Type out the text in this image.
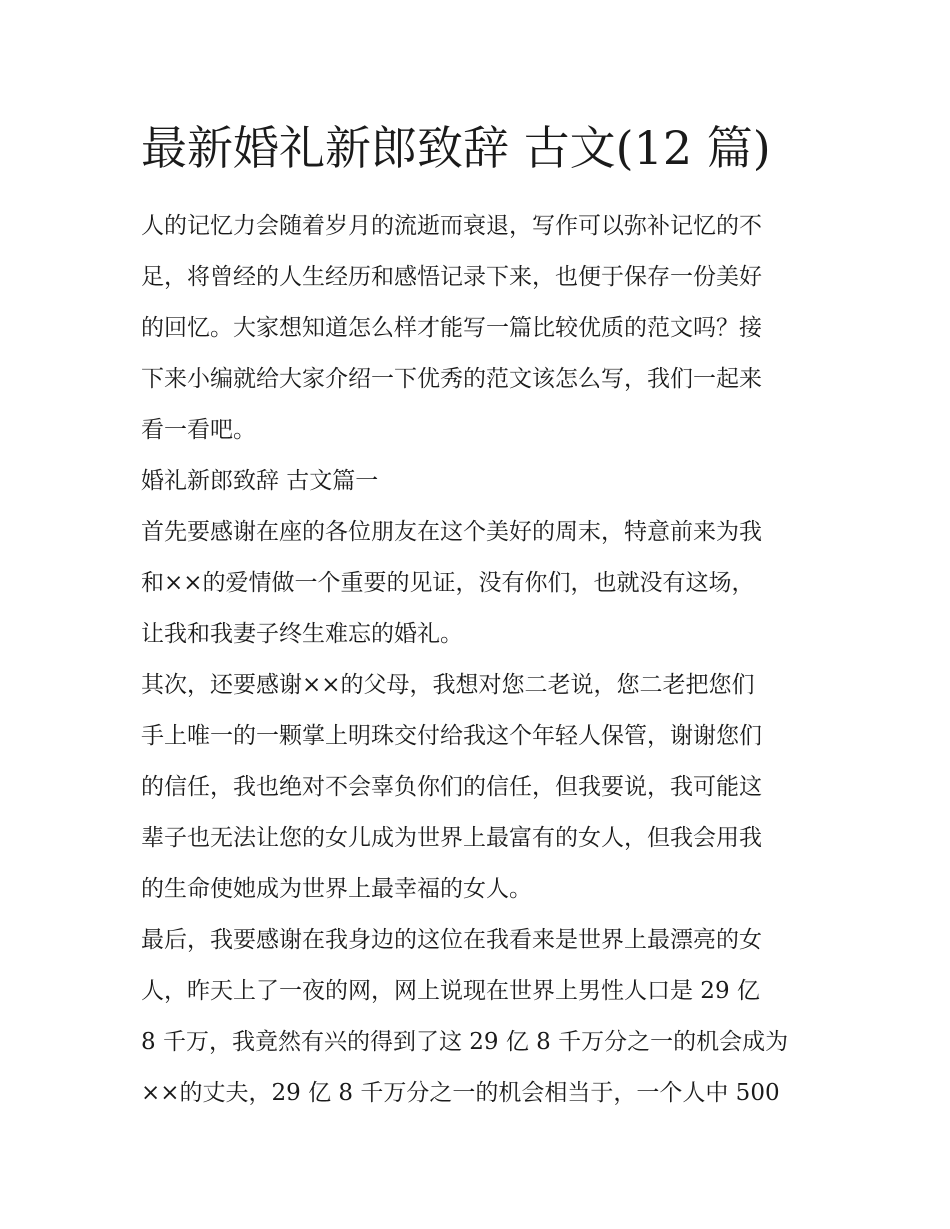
最新婚礼新郎致辞 古文(12 篇)
人的记忆力会随着岁月的流逝而衰退，写作可以弥补记忆的不
足，将曾经的人生经历和感悟记录下来，也便于保存一份美好
的回忆。大家想知道怎么样才能写一篇比较优质的范文吗？接
下来小编就给大家介绍一下优秀的范文该怎么写，我们一起来
看一看吧。
婚礼新郎致辞 古文篇一
首先要感谢在座的各位朋友在这个美好的周末，特意前来为我
和××的爱情做一个重要的见证，没有你们，也就没有这场，
让我和我妻子终生难忘的婚礼。
其次，还要感谢××的父母，我想对您二老说，您二老把您们
手上唯一的一颗掌上明珠交付给我这个年轻人保管，谢谢您们
的信任，我也绝对不会辜负你们的信任，但我要说，我可能这
辈子也无法让您的女儿成为世界上最富有的女人，但我会用我
的生命使她成为世界上最幸福的女人。
最后，我要感谢在我身边的这位在我看来是世界上最漂亮的女
人，昨天上了一夜的网，网上说现在世界上男性人口是 29 亿
8 千万，我竟然有兴的得到了这 29 亿 8 千万分之一的机会成为
××的丈夫，29 亿 8 千万分之一的机会相当于，一个人中 500
